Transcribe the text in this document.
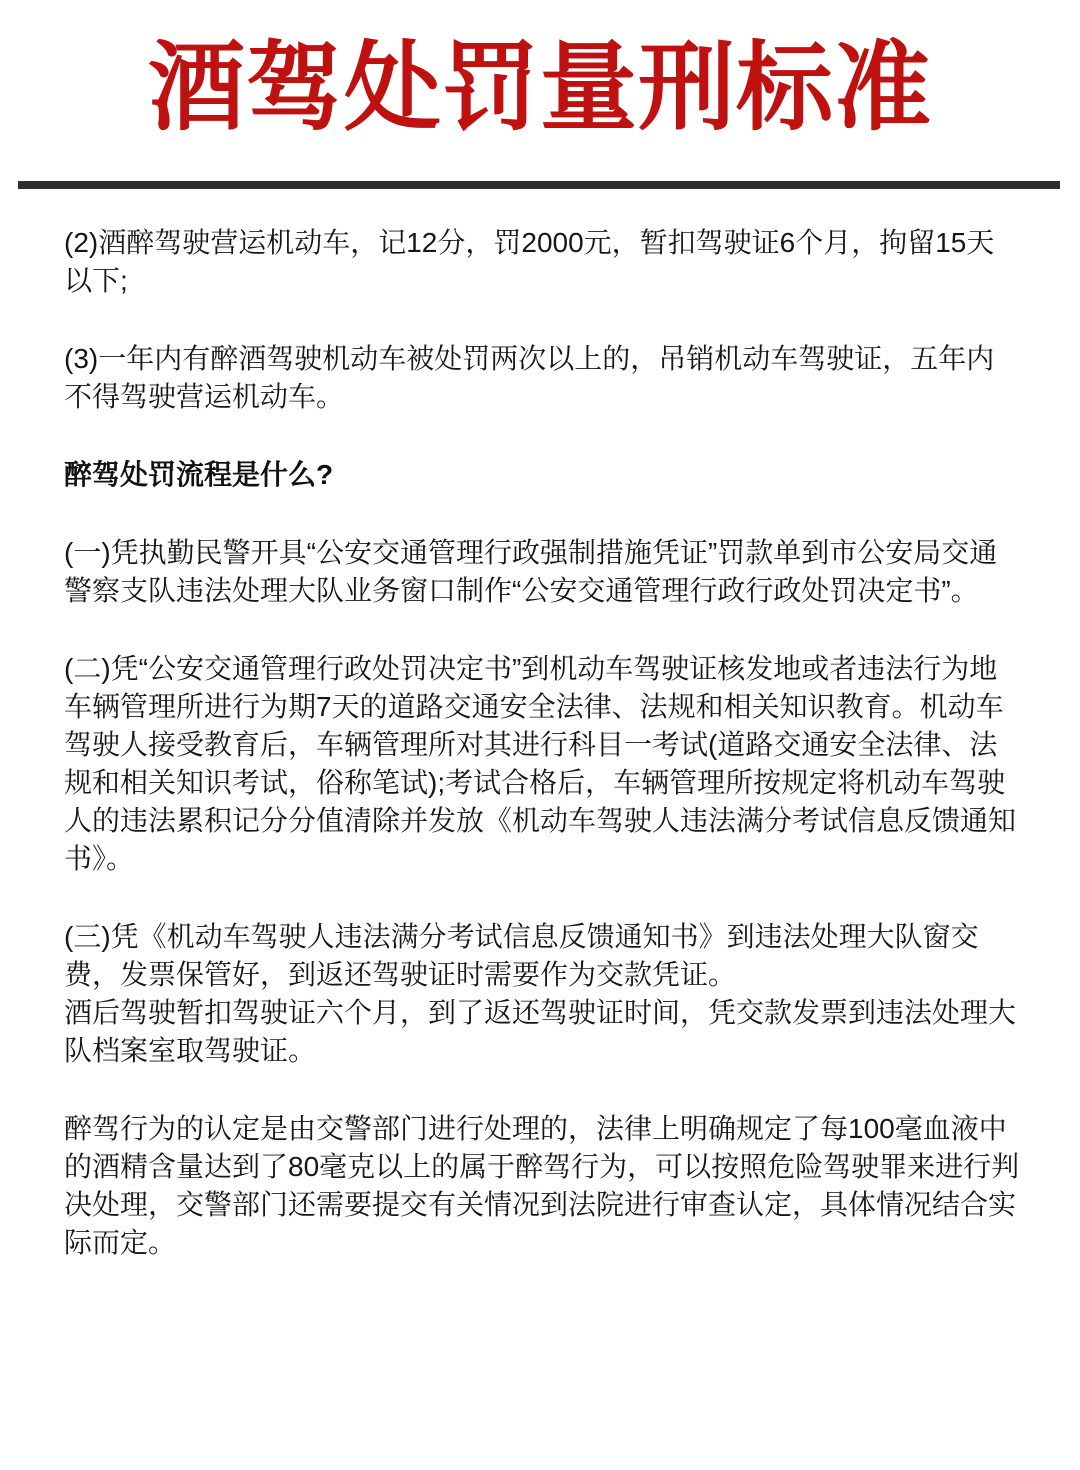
酒驾处罚量刑标准

(2)酒醉驾驶营运机动车，记12分，罚2000元，暂扣驾驶证6个月，拘留15天以下;

(3)一年内有醉酒驾驶机动车被处罚两次以上的，吊销机动车驾驶证，五年内不得驾驶营运机动车。

醉驾处罚流程是什么?

(一)凭执勤民警开具“公安交通管理行政强制措施凭证”罚款单到市公安局交通警察支队违法处理大队业务窗口制作“公安交通管理行政行政处罚决定书”。

(二)凭“公安交通管理行政处罚决定书”到机动车驾驶证核发地或者违法行为地车辆管理所进行为期7天的道路交通安全法律、法规和相关知识教育。机动车驾驶人接受教育后，车辆管理所对其进行科目一考试(道路交通安全法律、法规和相关知识考试，俗称笔试);考试合格后，车辆管理所按规定将机动车驾驶人的违法累积记分分值清除并发放《机动车驾驶人违法满分考试信息反馈通知书》。

(三)凭《机动车驾驶人违法满分考试信息反馈通知书》到违法处理大队窗交费，发票保管好，到返还驾驶证时需要作为交款凭证。

酒后驾驶暂扣驾驶证六个月，到了返还驾驶证时间，凭交款发票到违法处理大队档案室取驾驶证。

醉驾行为的认定是由交警部门进行处理的，法律上明确规定了每100毫血液中的酒精含量达到了80毫克以上的属于醉驾行为，可以按照危险驾驶罪来进行判决处理，交警部门还需要提交有关情况到法院进行审查认定，具体情况结合实际而定。
